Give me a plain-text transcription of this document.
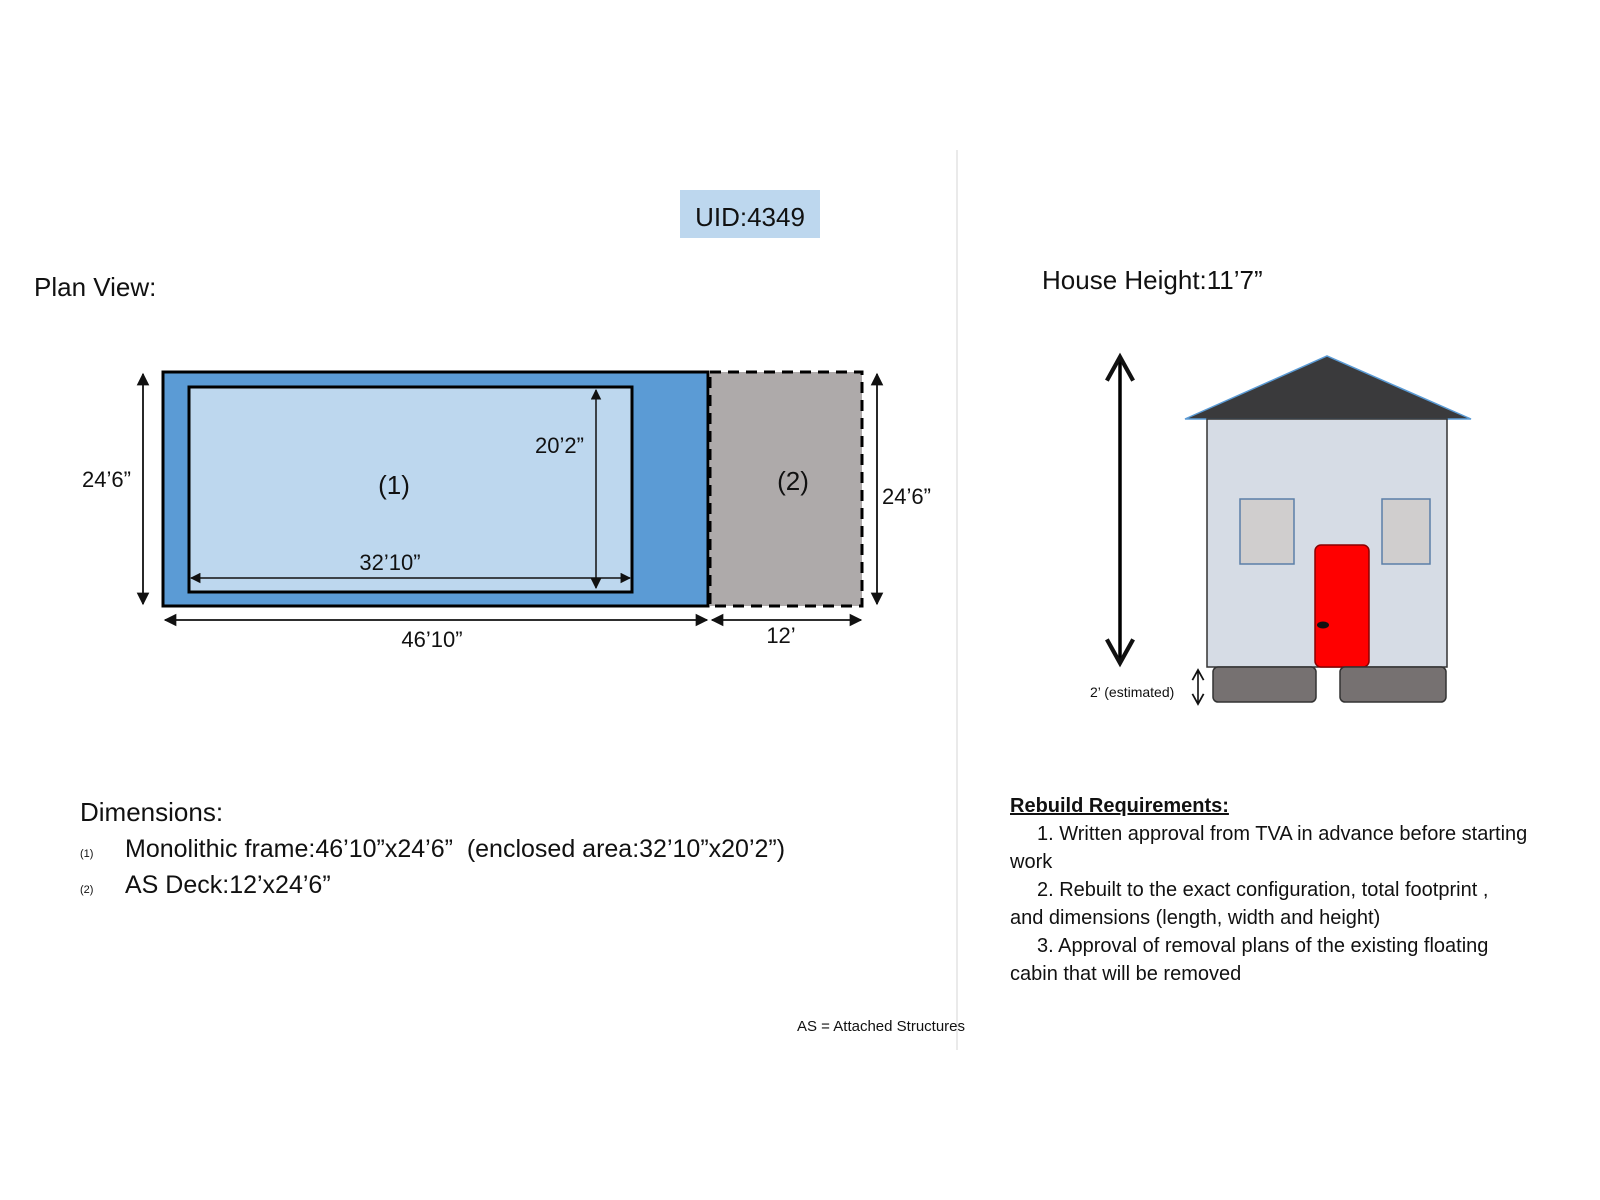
UID:4349
Plan View:
(1)	(2)
24’6”
46’10”
20’2”
32’10”
24’6”
12’
House Height:11’7”
2’ (estimated)
Dimensions:
(1) Monolithic frame:46’10”x24’6”  (enclosed area:32’10”x20’2”)
(2) AS Deck:12’x24’6”
Rebuild Requirements:
1. Written approval from TVA in advance before starting
work
2. Rebuilt to the exact configuration, total footprint ,
and dimensions (length, width and height)
3. Approval of removal plans of the existing floating
cabin that will be removed
AS = Attached Structures
